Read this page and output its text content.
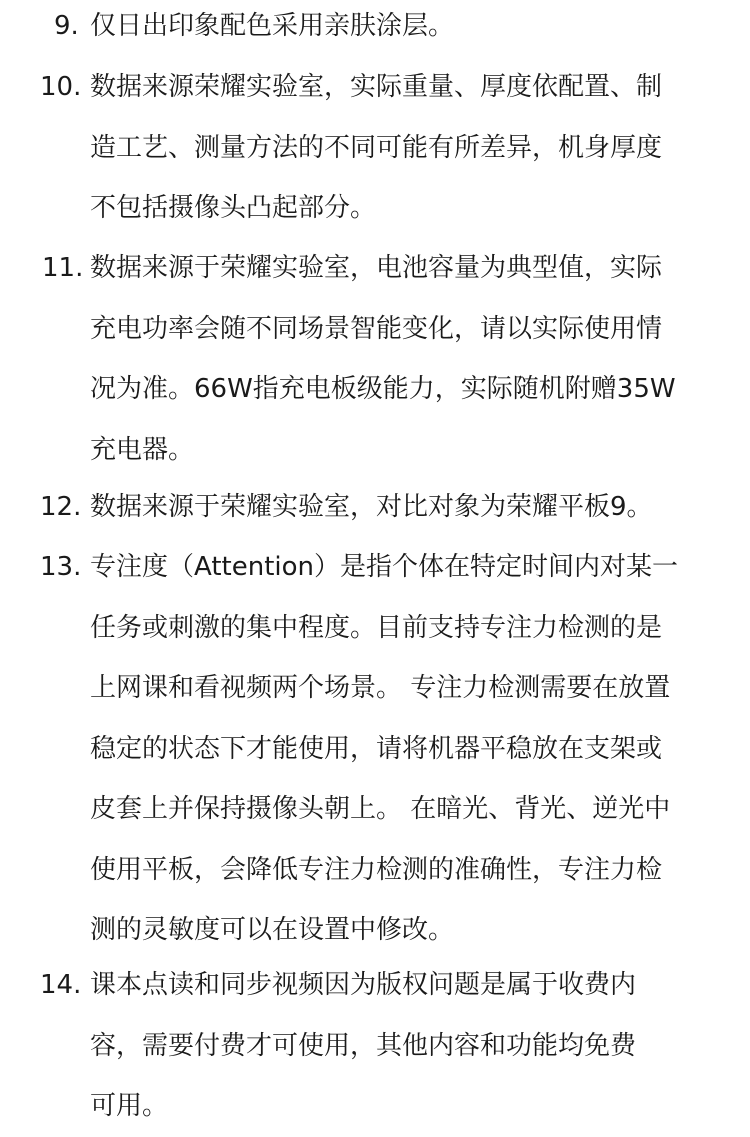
9. 仅日出印象配色采用亲肤涂层。
10. 数据来源荣耀实验室，实际重量、厚度依配置、制
造工艺、测量方法的不同可能有所差异，机身厚度
不包括摄像头凸起部分。
11. 数据来源于荣耀实验室，电池容量为典型值，实际
充电功率会随不同场景智能变化，请以实际使用情
况为准。66W指充电板级能力，实际随机附赠35W
充电器。
12. 数据来源于荣耀实验室，对比对象为荣耀平板9。
13. 专注度（Attention）是指个体在特定时间内对某一
任务或刺激的集中程度。目前支持专注力检测的是
上网课和看视频两个场景。 专注力检测需要在放置
稳定的状态下才能使用，请将机器平稳放在支架或
皮套上并保持摄像头朝上。 在暗光、背光、逆光中
使用平板，会降低专注力检测的准确性，专注力检
测的灵敏度可以在设置中修改。
14. 课本点读和同步视频因为版权问题是属于收费内
容，需要付费才可使用，其他内容和功能均免费
可用。
